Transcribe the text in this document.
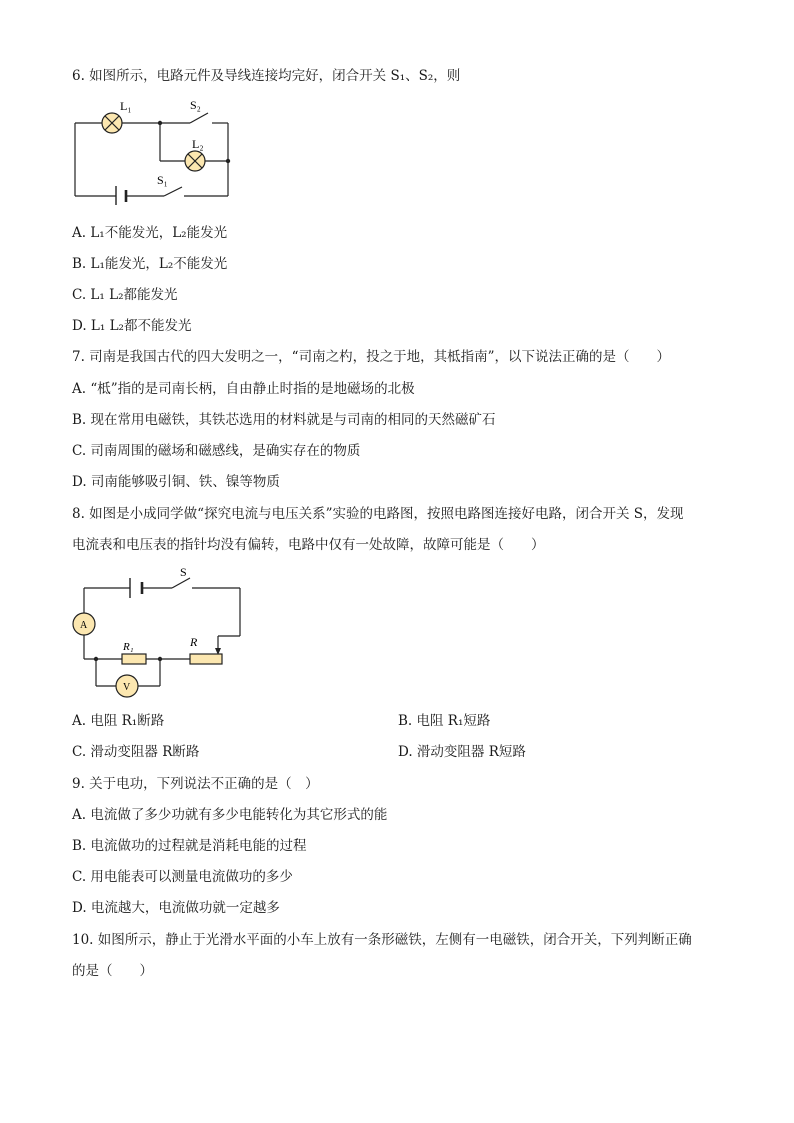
6. 如图所示，电路元件及导线连接均完好，闭合开关 S₁、S₂，则
L₁	S₂
L₂
S₁
A. L₁不能发光，L₂能发光
B. L₁能发光，L₂不能发光
C. L₁ L₂都能发光
D. L₁ L₂都不能发光
7. 司南是我国古代的四大发明之一，“司南之杓，投之于地，其柢指南”，以下说法正确的是（　　）
A. “柢”指的是司南长柄，自由静止时指的是地磁场的北极
B. 现在常用电磁铁，其铁芯选用的材料就是与司南的相同的天然磁矿石
C. 司南周围的磁场和磁感线，是确实存在的物质
D. 司南能够吸引铜、铁、镍等物质
8. 如图是小成同学做“探究电流与电压关系”实验的电路图，按照电路图连接好电路，闭合开关 S，发现
电流表和电压表的指针均没有偏转，电路中仅有一处故障，故障可能是（　　）
S
A
V
R₁	R
A. 电阻 R₁断路	B. 电阻 R₁短路
C. 滑动变阻器 R断路	D. 滑动变阻器 R短路
9. 关于电功，下列说法不正确的是（　）
A. 电流做了多少功就有多少电能转化为其它形式的能
B. 电流做功的过程就是消耗电能的过程
C. 用电能表可以测量电流做功的多少
D. 电流越大，电流做功就一定越多
10. 如图所示，静止于光滑水平面的小车上放有一条形磁铁，左侧有一电磁铁，闭合开关，下列判断正确
的是（　　）
